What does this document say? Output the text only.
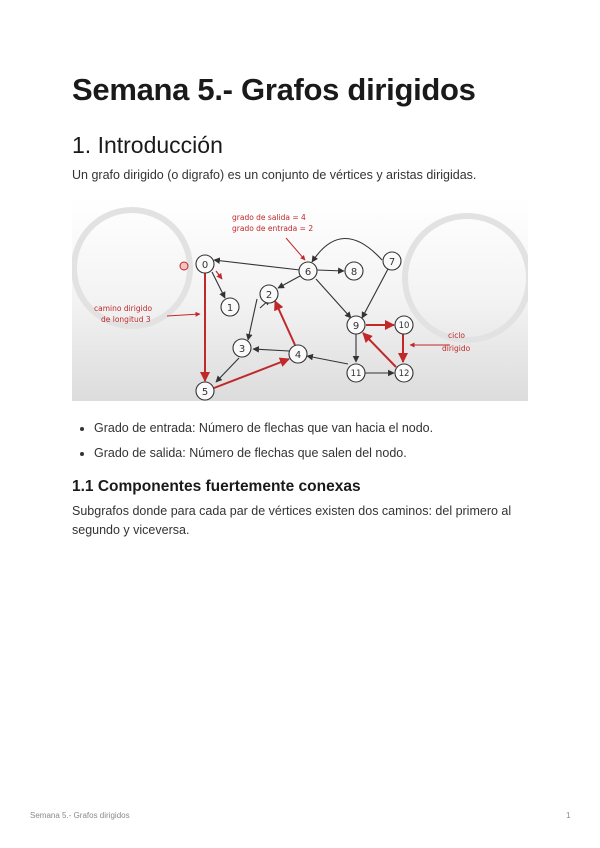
Semana 5.- Grafos dirigidos
1. Introducción

Un grafo dirigido (o digrafo) es un conjunto de vértices y aristas dirigidas.

0
1
2
3
4
5
6
7
8
9	10
11	12
grado de salida = 4
grado de entrada = 2
camino dirigido
de longitud 3
ciclo
dirigido
• Grado de entrada: Número de flechas que van hacia el nodo.
• Grado de salida: Número de flechas que salen del nodo.
1.1 Componentes fuertemente conexas

Subgrafos donde para cada par de vértices existen dos caminos: del primero al segundo y viceversa.

Semana 5.- Grafos dirigidos	1
